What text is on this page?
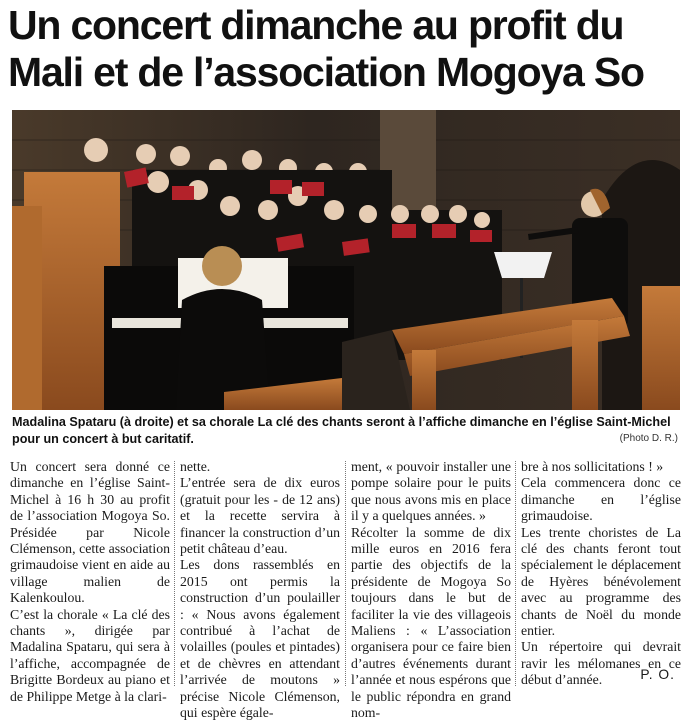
Un concert dimanche au profit du
Mali et de l’association Mogoya So
Madalina Spataru (à droite) et sa chorale La clé des chants seront à l’affiche dimanche en l’église Saint-Michel pour un concert à but caritatif.	(Photo D. R.)

Un concert sera donné ce dimanche en l’église Saint-Michel à 16 h 30 au profit de l’association Mogoya So. Présidée par Nicole Clémenson, cette association grimaudoise vient en aide au village malien de Kalenkoulou.

C’est la chorale « La clé des chants », dirigée par Madalina Spataru, qui sera à l’affiche, accompagnée de Brigitte Bordeux au piano et de Philippe Metge à la clari-

nette.

L’entrée sera de dix euros (gratuit pour les - de 12 ans) et la recette servira à financer la construction d’un petit château d’eau.

Les dons rassemblés en 2015 ont permis la construction d’un poulailler : « Nous avons également contribué à l’achat de volailles (poules et pintades) et de chèvres en attendant l’arrivée de moutons » précise Nicole Clémenson, qui espère égale-

ment, « pouvoir installer une pompe solaire pour le puits que nous avons mis en place il y a quelques années. »

Récolter la somme de dix mille euros en 2016 fera partie des objectifs de la présidente de Mogoya So toujours dans le but de faciliter la vie des villageois Maliens : « L’association organisera pour ce faire bien d’autres événements durant l’année et nous espérons que le public répondra en grand nom-

bre à nos sollicitations ! »

Cela commencera donc ce dimanche en l’église grimaudoise.

Les trente choristes de La clé des chants feront tout spécialement le déplacement de Hyères bénévolement avec au programme des chants de Noël du monde entier.

Un répertoire qui devrait ravir les mélomanes en ce début d’année.	P. O.
